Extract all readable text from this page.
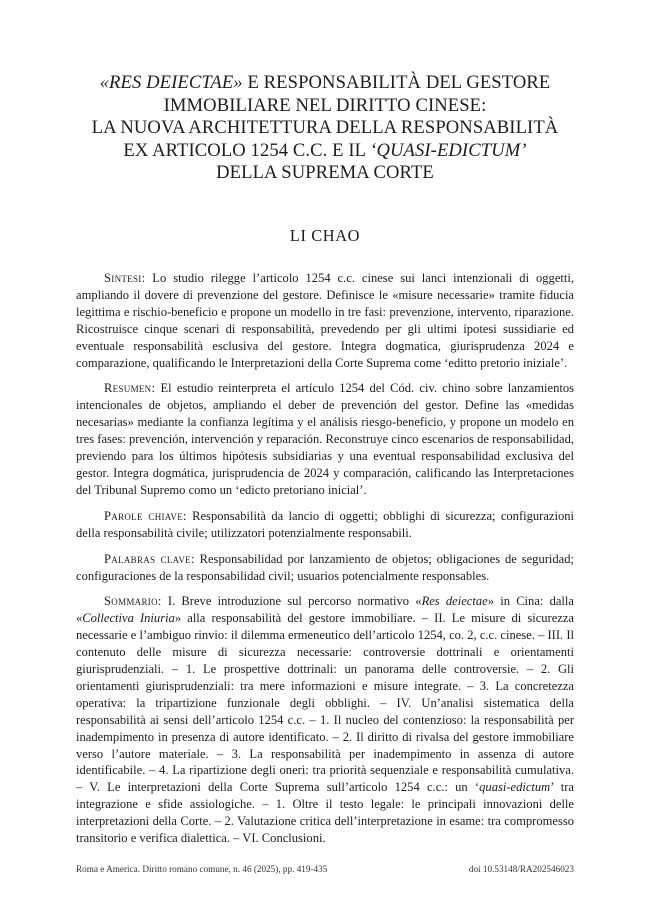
«RES DEIECTAE» E RESPONSABILITÀ DEL GESTORE
IMMOBILIARE NEL DIRITTO CINESE:
LA NUOVA ARCHITETTURA DELLA RESPONSABILITÀ
EX ARTICOLO 1254 C.C. E IL ‘QUASI-EDICTUM’
DELLA SUPREMA CORTE
LI CHAO

Sintesi: Lo studio rilegge l’articolo 1254 c.c. cinese sui lanci intenzionali di oggetti, ampliando il dovere di prevenzione del gestore. Definisce le «misure necessarie» tramite fiducia legittima e rischio-beneficio e propone un modello in tre fasi: prevenzione, intervento, riparazione. Ricostruisce cinque scenari di responsabilità, prevedendo per gli ultimi ipotesi sussidiarie ed eventuale responsabilità esclusiva del gestore. Integra dogmatica, giurisprudenza 2024 e comparazione, qualificando le Interpretazioni della Corte Suprema come ‘editto pretorio iniziale’.

Resumen: El estudio reinterpreta el artículo 1254 del Cód. civ. chino sobre lanzamientos intencionales de objetos, ampliando el deber de prevención del gestor. Define las «medidas necesarias» mediante la confianza legítima y el análisis riesgo-beneficio, y propone un modelo en tres fases: prevención, intervención y reparación. Reconstruye cinco escenarios de responsabilidad, previendo para los últimos hipótesis subsidiarias y una eventual responsabilidad exclusiva del gestor. Integra dogmática, jurisprudencia de 2024 y comparación, calificando las Interpretaciones del Tribunal Supremo como un ‘edicto pretoriano inicial’.

Parole chiave: Responsabilità da lancio di oggetti; obblighi di sicurezza; configurazioni della responsabilità civile; utilizzatori potenzialmente responsabili.

Palabras clave: Responsabilidad por lanzamiento de objetos; obligaciones de seguridad; configuraciones de la responsabilidad civil; usuarios potencialmente responsables.

Sommario: I. Breve introduzione sul percorso normativo «Res deiectae» in Cina: dalla «Collectiva Iniuria» alla responsabilità del gestore immobiliare. – II. Le misure di sicurezza necessarie e l’ambiguo rinvio: il dilemma ermeneutico dell’articolo 1254, co. 2, c.c. cinese. – III. Il contenuto delle misure di sicurezza necessarie: controversie dottrinali e orientamenti giurisprudenziali. – 1. Le prospettive dottrinali: un panorama delle controversie. – 2. Gli orientamenti giurisprudenziali: tra mere informazioni e misure integrate. – 3. La concretezza operativa: la tripartizione funzionale degli obblighi. – IV. Un’analisi sistematica della responsabilità ai sensi dell’articolo 1254 c.c. – 1. Il nucleo del contenzioso: la responsabilità per inadempimento in presenza di autore identificato. – 2. Il diritto di rivalsa del gestore immobiliare verso l’autore materiale. – 3. La responsabilità per inadempimento in assenza di autore identificabile. – 4. La ripartizione degli oneri: tra priorità sequenziale e responsabilità cumulativa. – V. Le interpretazioni della Corte Suprema sull’articolo 1254 c.c.: un ‘quasi-edictum’ tra integrazione e sfide assiologiche. – 1. Oltre il testo legale: le principali innovazioni delle interpretazioni della Corte. – 2. Valutazione critica dell’interpretazione in esame: tra compromesso transitorio e verifica dialettica. – VI. Conclusioni.

Roma e America. Diritto romano comune, n. 46 (2025), pp. 419-435	doi 10.53148/RA202546023
